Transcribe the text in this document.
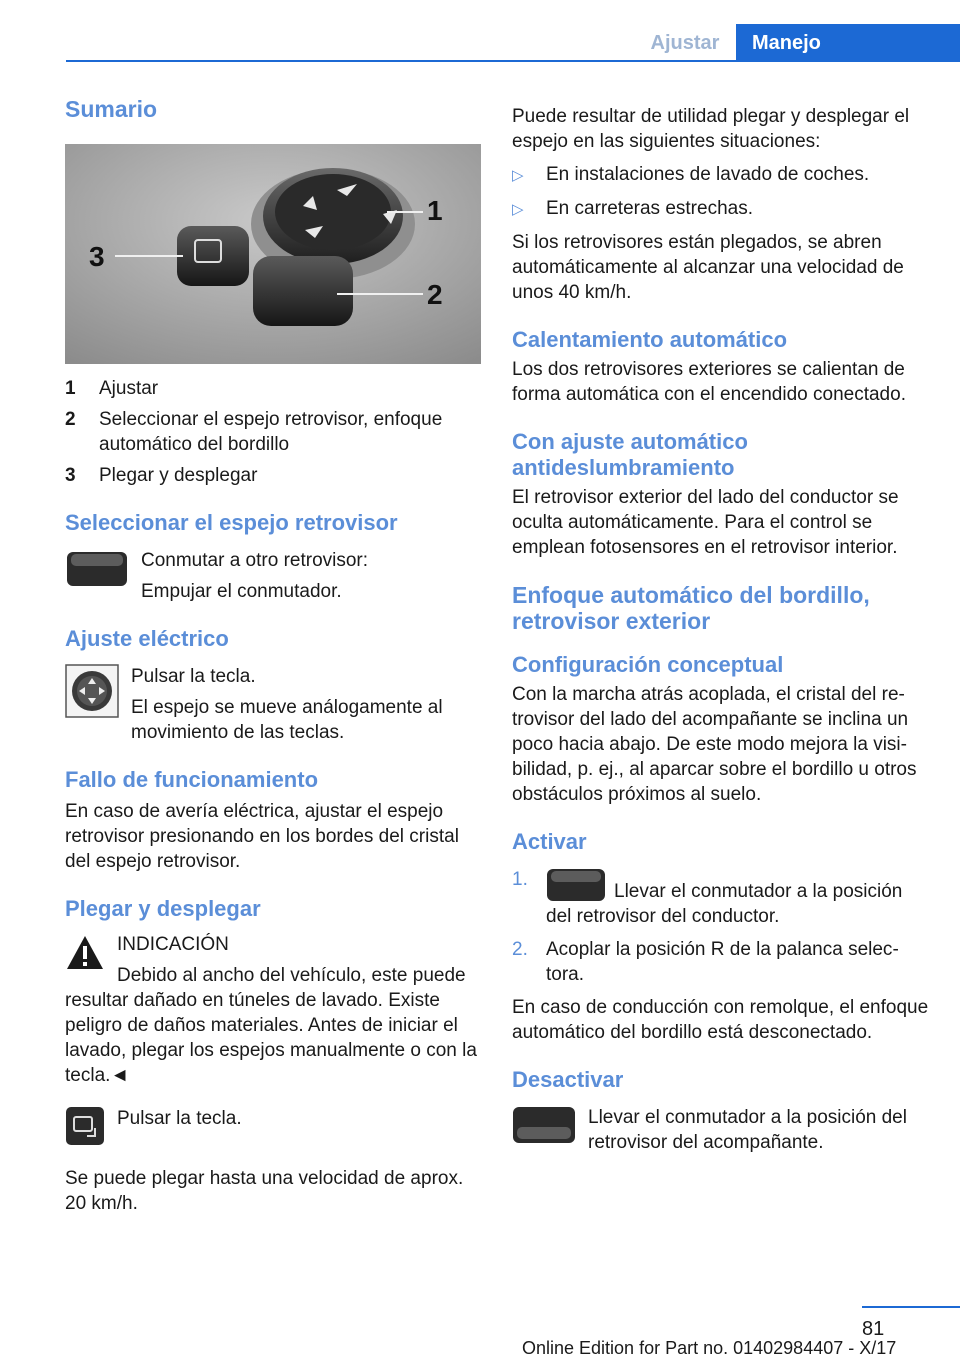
Ajustar	Manejo
Sumario
1
2
3
1	Ajustar
2	Seleccionar el espejo retrovisor, enfoque automático del bordillo
3	Plegar y desplegar
Seleccionar el espejo retrovisor

Conmutar a otro retrovisor:

Empujar el conmutador.

Ajuste eléctrico

Pulsar la tecla.

El espejo se mueve análogamente al movimiento de las teclas.

Fallo de funcionamiento

En caso de avería eléctrica, ajustar el espejo retrovisor presionando en los bordes del cristal del espejo retrovisor.

Plegar y desplegar

INDICACIÓN

Debido al ancho del vehículo, este puede resultar dañado en túneles de lavado. Existe peligro de daños materiales. Antes de iniciar el lavado, plegar los espejos manualmente o con la tecla.◄

Pulsar la tecla.

Se puede plegar hasta una velocidad de aprox. 20 km/h.

Puede resultar de utilidad plegar y desplegar el espejo en las siguientes situaciones:

▷	En instalaciones de lavado de coches.
▷	En carreteras estrechas.

Si los retrovisores están plegados, se abren automáticamente al alcanzar una velocidad de unos 40 km/h.

Calentamiento automático

Los dos retrovisores exteriores se calientan de forma automática con el encendido conectado.

Con ajuste automático antideslumbramiento

El retrovisor exterior del lado del conductor se oculta automáticamente. Para el control se emplean fotosensores en el retrovisor interior.

Enfoque automático del bordillo, retrovisor exterior
Configuración conceptual

Con la marcha atrás acoplada, el cristal del retrovisor del lado del acompañante se inclina un poco hacia abajo. De este modo mejora la visibilidad, p. ej., al aparcar sobre el bordillo u otros obstáculos próximos al suelo.

Activar
1.
Llevar el conmutador a la posición del retrovisor del conductor.
2. Acoplar la posición R de la palanca selectora.

En caso de conducción con remolque, el enfoque automático del bordillo está desconectado.

Desactivar

Llevar el conmutador a la posición del retrovisor del acompañante.

81
Online Edition for Part no. 01402984407 - X/17
